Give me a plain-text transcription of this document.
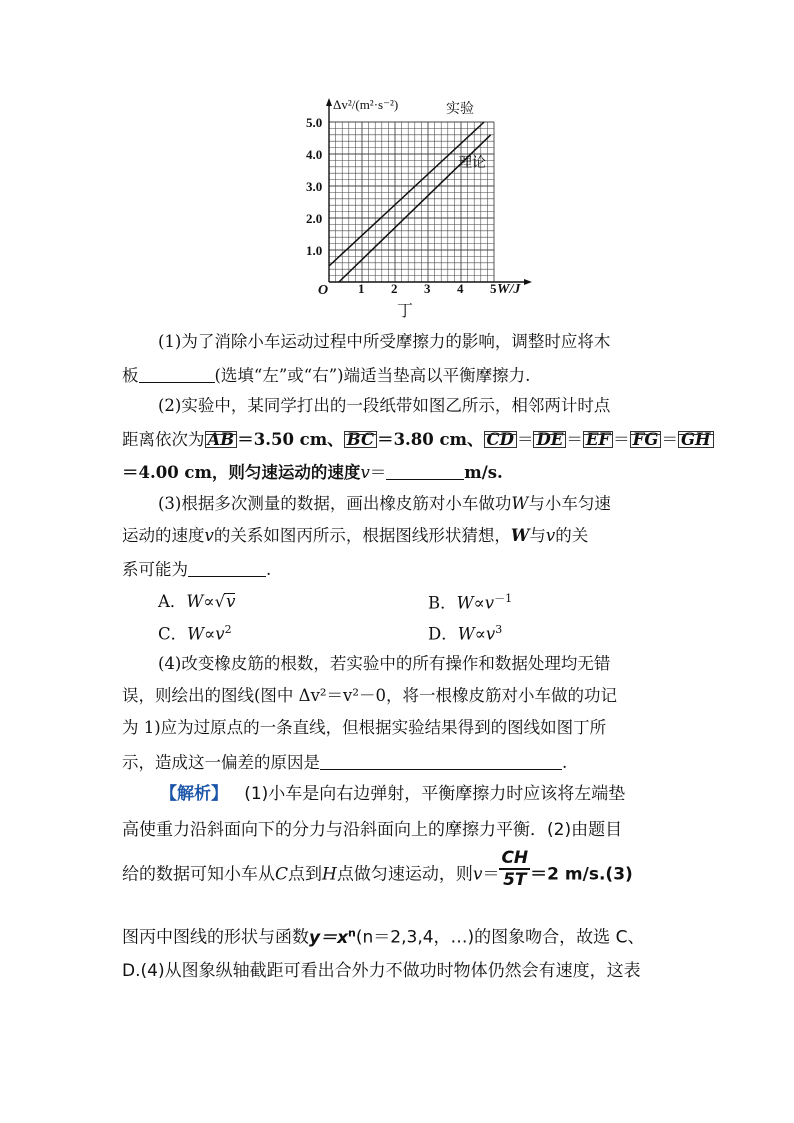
1.0
2.0
3.0
4.0
5.0
1 2 3 4 5
Δv²/(m²·s⁻²)	实验
理论
O	W/J
丁
(1)为了消除小车运动过程中所受摩擦力的影响，调整时应将木
板	(选填“左”或“右”)端适当垫高以平衡摩擦力.
(2)实验中，某同学打出的一段纸带如图乙所示，相邻两计时点
距离依次为 AB ＝3.50 cm、 BC ＝3.80 cm、 CD ＝ DE ＝ EF ＝ FG ＝ GH
＝4.00 cm，则匀速运动的速度v＝	m/s.
(3)根据多次测量的数据，画出橡皮筋对小车做功W与小车匀速
运动的速度v的关系如图丙所示，根据图线形状猜想，W与v的关
系可能为	.
A．W∝√v	B．$W\propto v^{-1}$
C．$W\propto v^2$	D．$W\propto v^3$
(4)改变橡皮筋的根数，若实验中的所有操作和数据处理均无错
误，则绘出的图线(图中 Δv²＝v²－0，将一根橡皮筋对小车做的功记
为 1)应为过原点的一条直线，但根据实验结果得到的图线如图丁所
示，造成这一偏差的原因是	.
【解析】 (1)小车是向右边弹射，平衡摩擦力时应该将左端垫
高使重力沿斜面向下的分力与沿斜面向上的摩擦力平衡．(2)由题目
给的数据可知小车从C点到H点做匀速运动，则$v= \frac{CH}{5T} =2$ m/s.(3)
图丙中图线的形状与函数$y=x^n(n=2,3,4$，…)的图象吻合，故选 C、
D.(4)从图象纵轴截距可看出合外力不做功时物体仍然会有速度，这表
